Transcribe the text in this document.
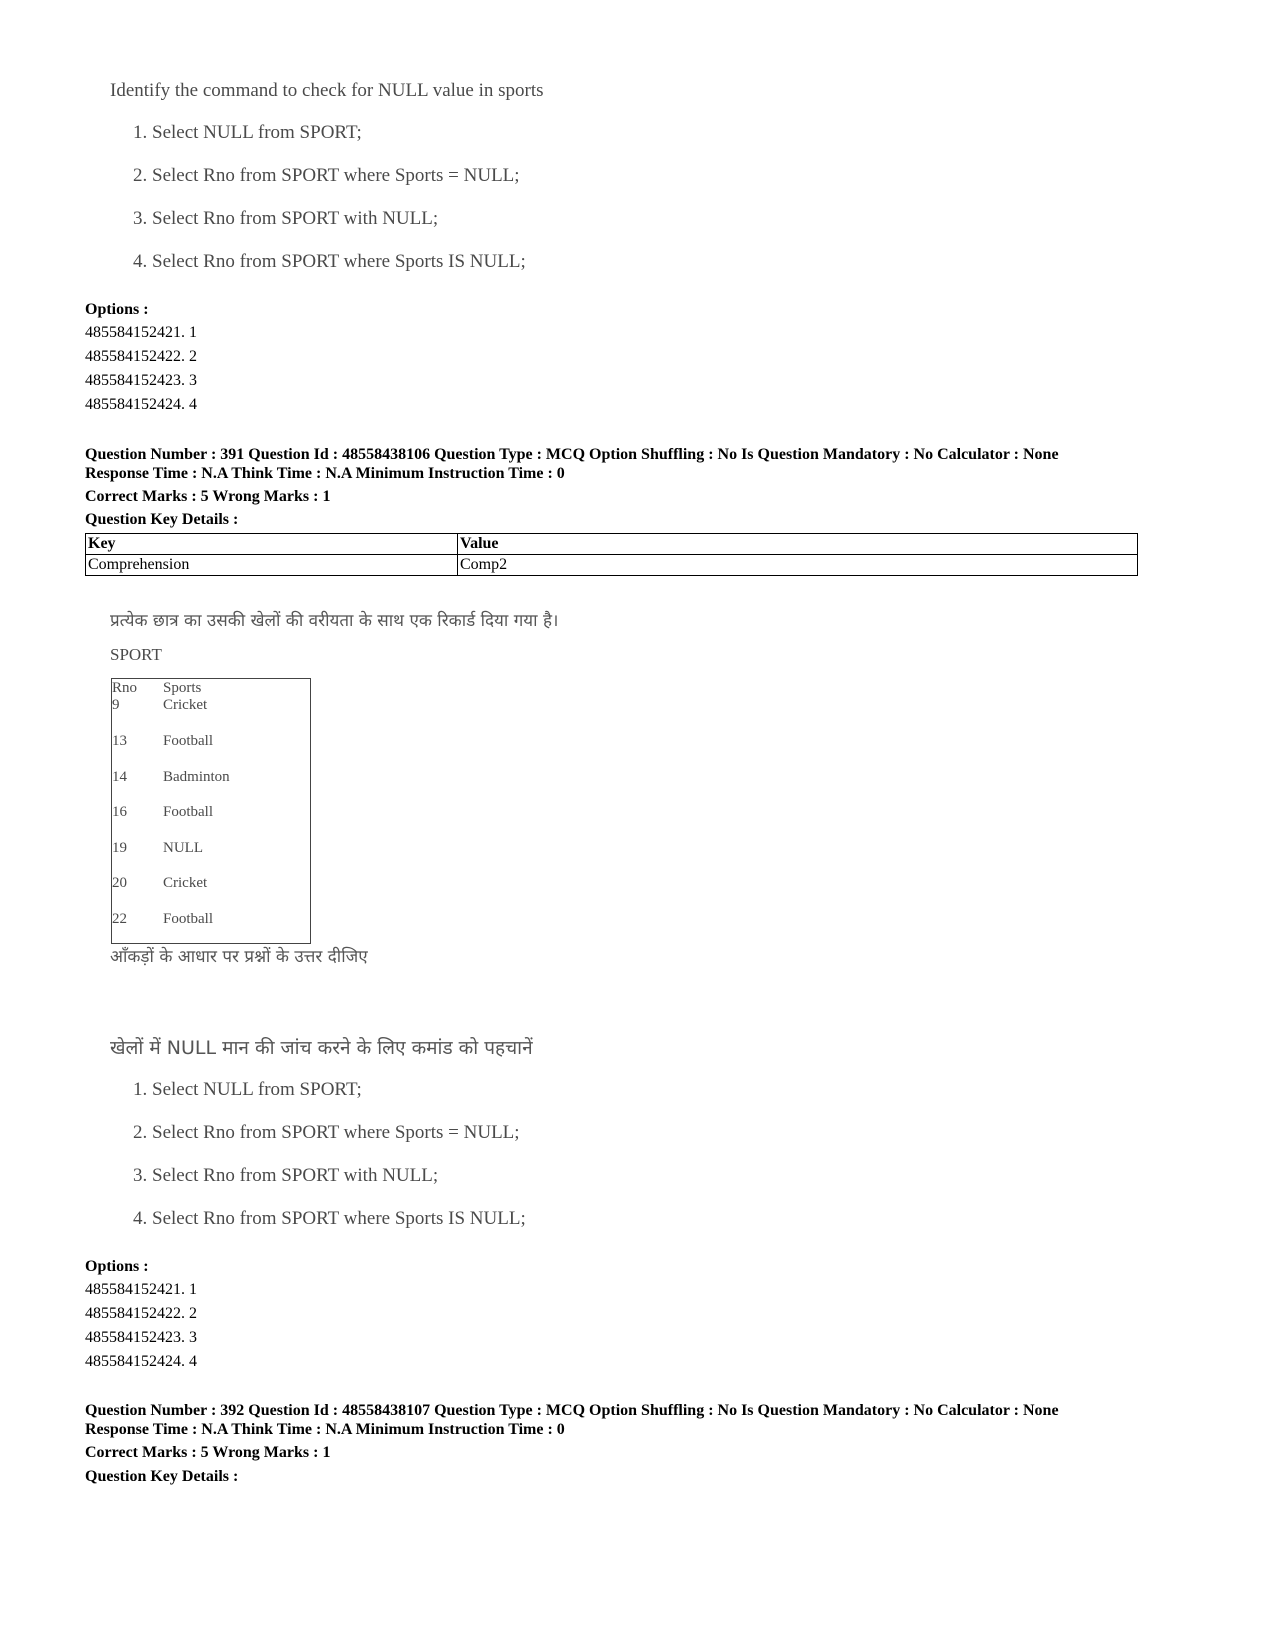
Identify the command to check for NULL value in sports
1. Select NULL from SPORT;
2. Select Rno from SPORT where Sports = NULL;
3. Select Rno from SPORT with NULL;
4. Select Rno from SPORT where Sports IS NULL;
Options :
485584152421. 1
485584152422. 2
485584152423. 3
485584152424. 4
Question Number : 391 Question Id : 48558438106 Question Type : MCQ Option Shuffling : No Is Question Mandatory : No Calculator : None
Response Time : N.A Think Time : N.A Minimum Instruction Time : 0
Correct Marks : 5 Wrong Marks : 1
Question Key Details :
Key	Value
Comprehension	Comp2
प्रत्येक छात्र का उसकी खेलों की वरीयता के साथ एक रिकार्ड दिया गया है।
SPORT
Rno Sports
9	Cricket
13 Football
14 Badminton
16 Football
19 NULL
20 Cricket
22 Football
आँकड़ों के आधार पर प्रश्नों के उत्तर दीजिए
खेलों में NULL मान की जांच करने के लिए कमांड को पहचानें
1. Select NULL from SPORT;
2. Select Rno from SPORT where Sports = NULL;
3. Select Rno from SPORT with NULL;
4. Select Rno from SPORT where Sports IS NULL;
Options :
485584152421. 1
485584152422. 2
485584152423. 3
485584152424. 4
Question Number : 392 Question Id : 48558438107 Question Type : MCQ Option Shuffling : No Is Question Mandatory : No Calculator : None
Response Time : N.A Think Time : N.A Minimum Instruction Time : 0
Correct Marks : 5 Wrong Marks : 1
Question Key Details :
